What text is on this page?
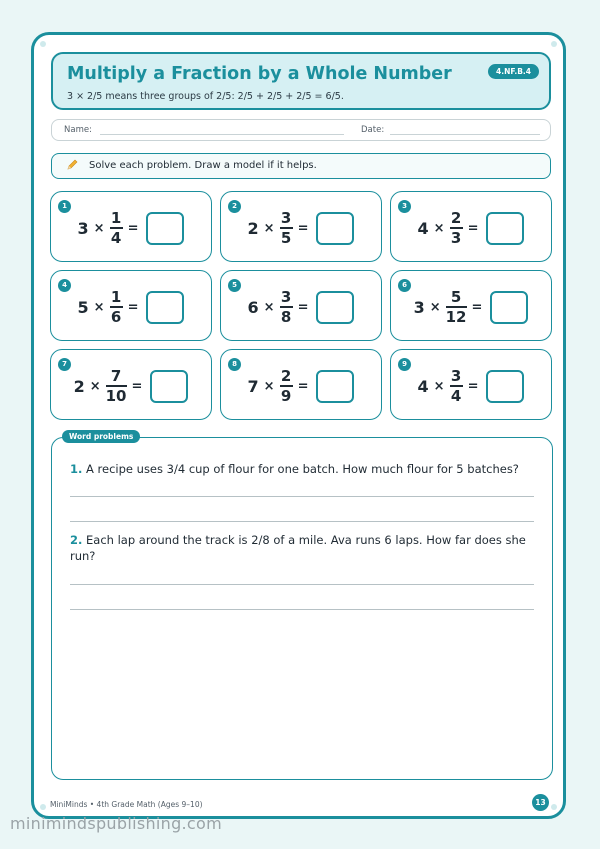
Multiply a Fraction by a Whole Number
3 × 2/5 means three groups of 2/5: 2/5 + 2/5 + 2/5 = 6/5.
4.NF.B.4
Name:	Date:
Solve each problem. Draw a model if it helps.
Word problems
1. A recipe uses 3/4 cup of flour for one batch. How much flour for 5 batches?
2. Each lap around the track is 2/8 of a mile. Ava runs 6 laps. How far does she run?
MiniMinds • 4th Grade Math (Ages 9–10)	13
1
$3 \times \frac{1}{4}$ =
2
$2 \times \frac{3}{5}$ =
3
$4 \times \frac{2}{3}$ =
4
$5 \times \frac{1}{6}$ =
5
$6 \times \frac{3}{8}$ =
6
$3 \times \frac{5}{12}$ =
7
$2 \times \frac{7}{10}$ =
8
$7 \times \frac{2}{9}$ =
9
$4 \times \frac{3}{4}$ =
minimindspublishing.com
